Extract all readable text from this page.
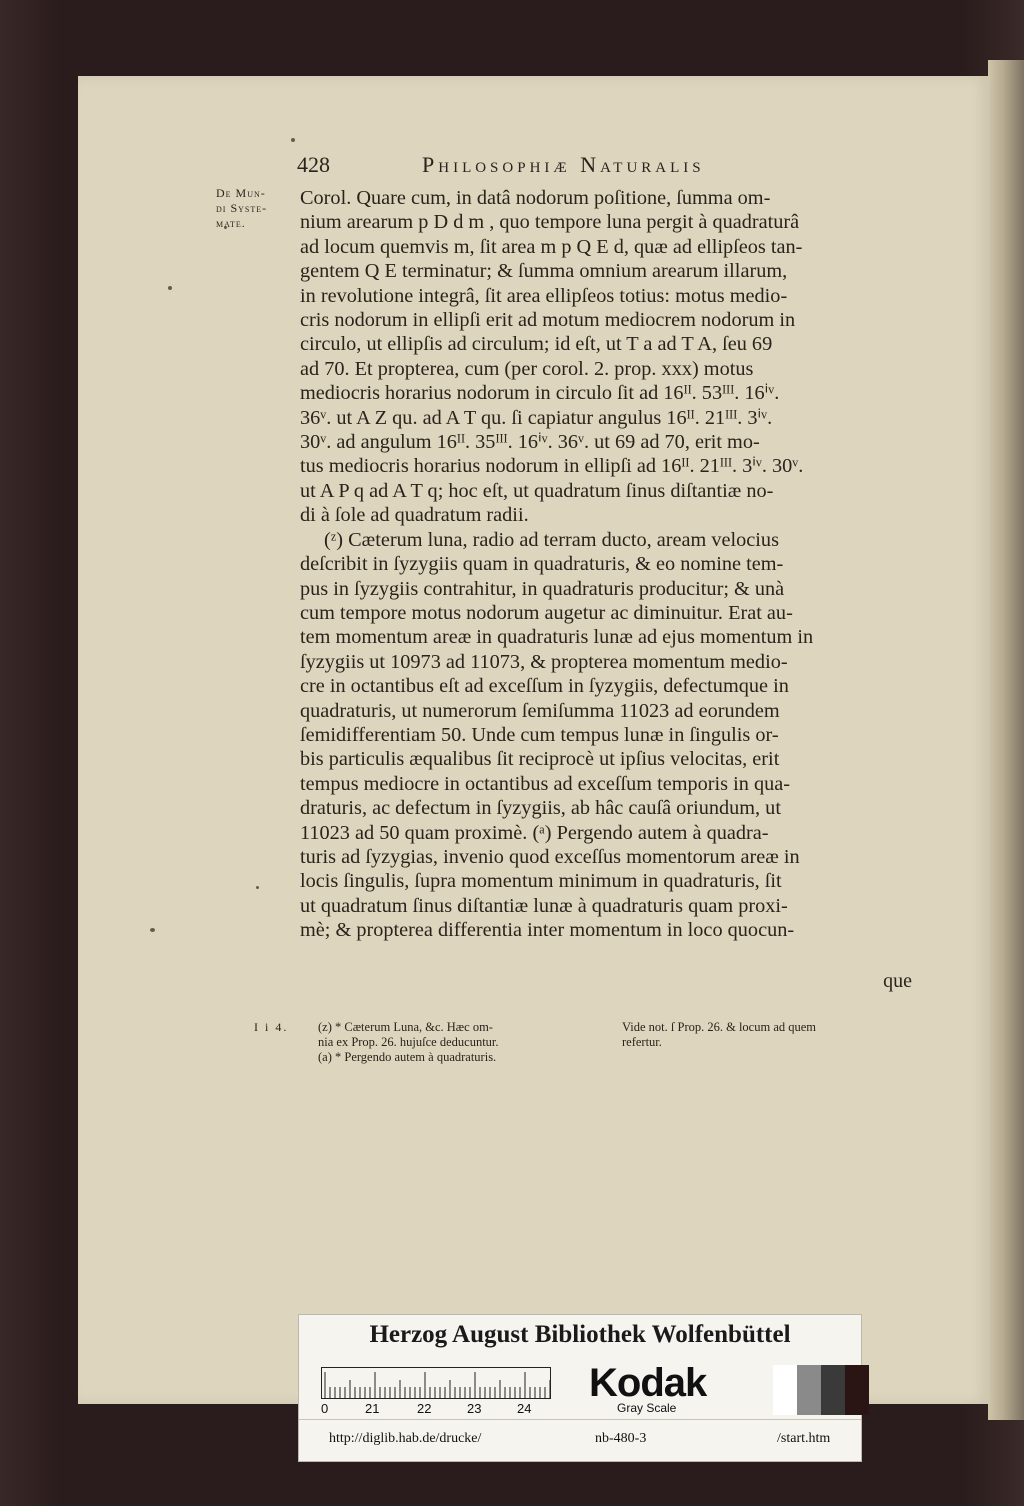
428	Philosophiæ Naturalis
De Mun-
di Syste-
mate.
Corol. Quare cum, in datâ nodorum poſitione, ſumma om-
nium arearum p D d m , quo tempore luna pergit à quadraturâ
ad locum quemvis m, ſit area m p Q E d, quæ ad ellipſeos tan-
gentem Q E terminatur; & ſumma omnium arearum illarum,
in revolutione integrâ, ſit area ellipſeos totius: motus medio-
cris nodorum in ellipſi erit ad motum mediocrem nodorum in
circulo, ut ellipſis ad circulum; id eſt, ut T a ad T A, ſeu 69
ad 70. Et propterea, cum (per corol. 2. prop. xxx) motus
mediocris horarius nodorum in circulo ſit ad 16ᴵᴵ. 53ᴵᴵᴵ. 16ⁱᵛ.
36ᵛ. ut A Z qu. ad A T qu. ſi capiatur angulus 16ᴵᴵ. 21ᴵᴵᴵ. 3ⁱᵛ.
30ᵛ. ad angulum 16ᴵᴵ. 35ᴵᴵᴵ. 16ⁱᵛ. 36ᵛ. ut 69 ad 70, erit mo-
tus mediocris horarius nodorum in ellipſi ad 16ᴵᴵ. 21ᴵᴵᴵ. 3ⁱᵛ. 30ᵛ.
ut A P q ad A T q; hoc eſt, ut quadratum ſinus diſtantiæ no-
di à ſole ad quadratum radii.
(ᶻ) Cæterum luna, radio ad terram ducto, aream velocius
deſcribit in ſyzygiis quam in quadraturis, & eo nomine tem-
pus in ſyzygiis contrahitur, in quadraturis producitur; & unà
cum tempore motus nodorum augetur ac diminuitur. Erat au-
tem momentum areæ in quadraturis lunæ ad ejus momentum in
ſyzygiis ut 10973 ad 11073, & propterea momentum medio-
cre in octantibus eſt ad exceſſum in ſyzygiis, defectumque in
quadraturis, ut numerorum ſemiſumma 11023 ad eorundem
ſemidifferentiam 50. Unde cum tempus lunæ in ſingulis or-
bis particulis æqualibus ſit reciprocè ut ipſius velocitas, erit
tempus mediocre in octantibus ad exceſſum temporis in qua-
draturis, ac defectum in ſyzygiis, ab hâc cauſâ oriundum, ut
11023 ad 50 quam proximè. (ᵃ) Pergendo autem à quadra-
turis ad ſyzygias, invenio quod exceſſus momentorum areæ in
locis ſingulis, ſupra momentum minimum in quadraturis, ſit
ut quadratum ſinus diſtantiæ lunæ à quadraturis quam proxi-
mè; & propterea differentia inter momentum in loco quocun-
que
I i 4. (z) * Cæterum Luna, &c. Hæc om-
nia ex Prop. 26. hujuſce deducuntur.
(a) * Pergendo autem à quadraturis.
Vide not. ſ Prop. 26. & locum ad quem
refertur.
Herzog August Bibliothek Wolfenbüttel
0	21	22	23	24
Kodak
Gray Scale
http://diglib.hab.de/drucke/	nb-480-3	/start.htm
